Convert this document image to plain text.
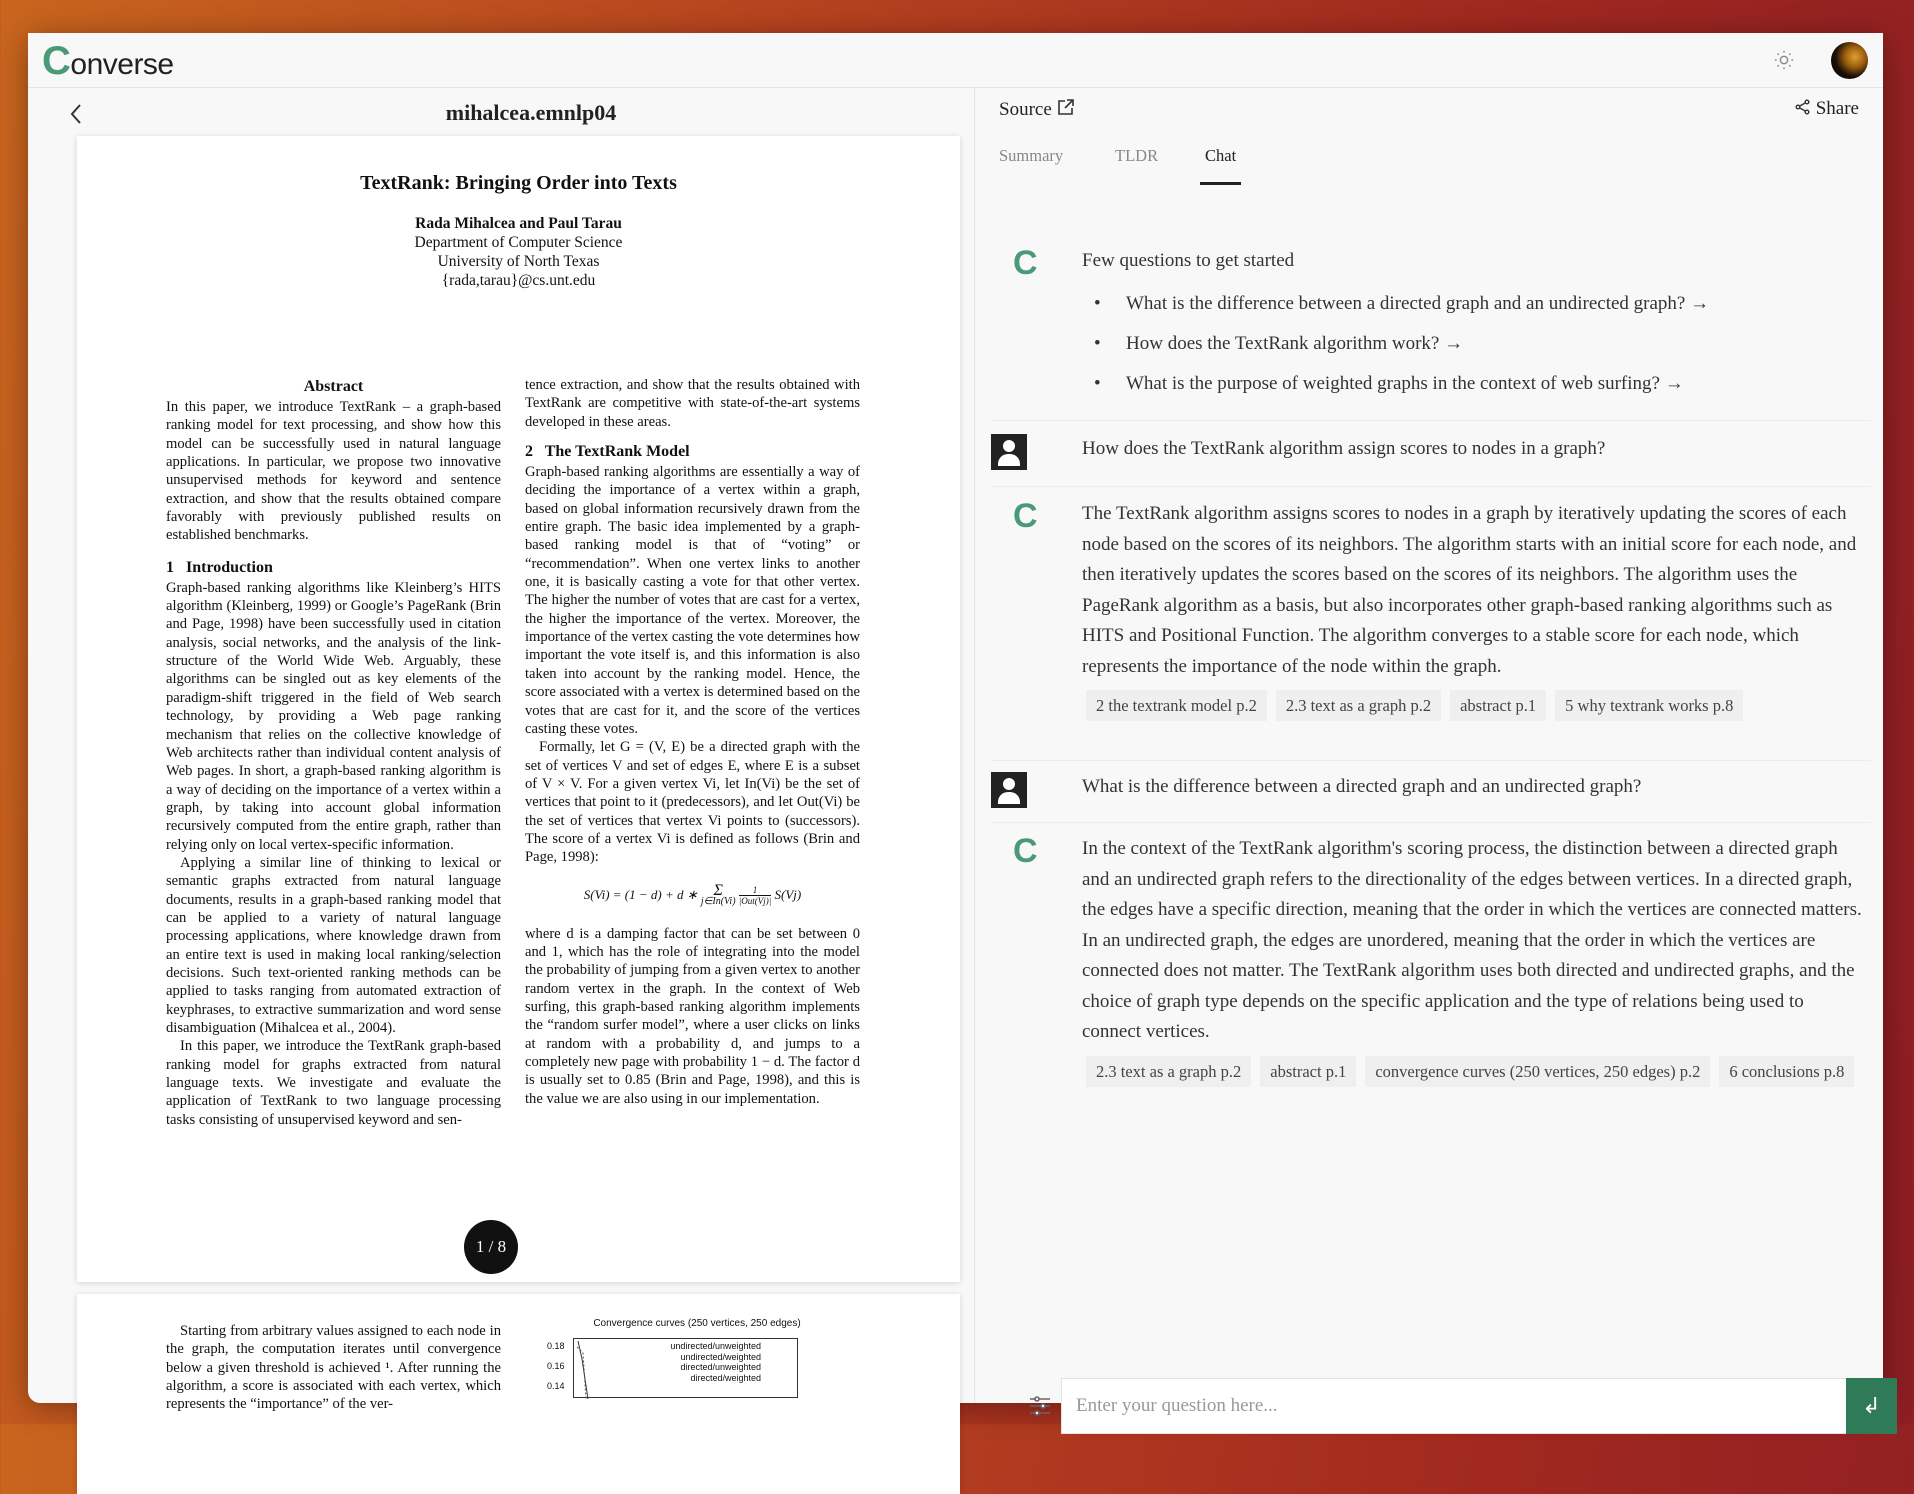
Converse
mihalcea.emnlp04
TextRank: Bringing Order into Texts
Rada Mihalcea and Paul Tarau
Department of Computer Science
University of North Texas
{rada,tarau}@cs.unt.edu
Abstract

In this paper, we introduce TextRank – a graph-based ranking model for text processing, and show how this model can be successfully used in natural language applications. In particular, we propose two innovative unsupervised methods for keyword and sentence extraction, and show that the results obtained compare favorably with previously published results on established benchmarks.

1   Introduction

Graph-based ranking algorithms like Kleinberg’s HITS algorithm (Kleinberg, 1999) or Google’s PageRank (Brin and Page, 1998) have been successfully used in citation analysis, social networks, and the analysis of the link-structure of the World Wide Web. Arguably, these algorithms can be singled out as key elements of the paradigm-shift triggered in the field of Web search technology, by providing a Web page ranking mechanism that relies on the collective knowledge of Web architects rather than individual content analysis of Web pages. In short, a graph-based ranking algorithm is a way of deciding on the importance of a vertex within a graph, by taking into account global information recursively computed from the entire graph, rather than relying only on local vertex-specific information.

Applying a similar line of thinking to lexical or semantic graphs extracted from natural language documents, results in a graph-based ranking model that can be applied to a variety of natural language processing applications, where knowledge drawn from an entire text is used in making local ranking/selection decisions. Such text-oriented ranking methods can be applied to tasks ranging from automated extraction of keyphrases, to extractive summarization and word sense disambiguation (Mihalcea et al., 2004).

In this paper, we introduce the TextRank graph-based ranking model for graphs extracted from natural language texts. We investigate and evaluate the application of TextRank to two language processing tasks consisting of unsupervised keyword and sen-

tence extraction, and show that the results obtained with TextRank are competitive with state-of-the-art systems developed in these areas.

2   The TextRank Model

Graph-based ranking algorithms are essentially a way of deciding the importance of a vertex within a graph, based on global information recursively drawn from the entire graph. The basic idea implemented by a graph-based ranking model is that of “voting” or “recommendation”. When one vertex links to another one, it is basically casting a vote for that other vertex. The higher the number of votes that are cast for a vertex, the higher the importance of the vertex. Moreover, the importance of the vertex casting the vote determines how important the vote itself is, and this information is also taken into account by the ranking model. Hence, the score associated with a vertex is determined based on the votes that are cast for it, and the score of the vertices casting these votes.

Formally, let G = (V, E) be a directed graph with the set of vertices V and set of edges E, where E is a subset of V × V. For a given vertex Vi, let In(Vi) be the set of vertices that point to it (predecessors), and let Out(Vi) be the set of vertices that vertex Vi points to (successors). The score of a vertex Vi is defined as follows (Brin and Page, 1998):

S(Vi) = (1 − d) + d ∗ Σ
j∈In(Vi) $\frac{1}{\text{|Out(Vj)|}} S(Vj)$

where d is a damping factor that can be set between 0 and 1, which has the role of integrating into the model the probability of jumping from a given vertex to another random vertex in the graph. In the context of Web surfing, this graph-based ranking algorithm implements the “random surfer model”, where a user clicks on links at random with a probability d, and jumps to a completely new page with probability 1 − d. The factor d is usually set to 0.85 (Brin and Page, 1998), and this is the value we are also using in our implementation.

Starting from arbitrary values assigned to each node in the graph, the computation iterates until convergence below a given threshold is achieved ¹. After running the algorithm, a score is associated with each vertex, which represents the “importance” of the ver-

Convergence curves (250 vertices, 250 edges)
0.18
0.16
0.14
undirected/unweighted
undirected/weighted
directed/unweighted
directed/weighted
1 / 8
Source	Share
Summary	TLDR	Chat
C Few questions to get started
• What is the difference between a directed graph and an undirected graph? →
• How does the TextRank algorithm work? →
• What is the purpose of weighted graphs in the context of web surfing? →
How does the TextRank algorithm assign scores to nodes in a graph?
C The TextRank algorithm assigns scores to nodes in a graph by iteratively updating the scores of each node based on the scores of its neighbors. The algorithm starts with an initial score for each node, and then iteratively updates the scores based on the scores of its neighbors. The algorithm uses the PageRank algorithm as a basis, but also incorporates other graph-based ranking algorithms such as HITS and Positional Function. The algorithm converges to a stable score for each node, which represents the importance of the node within the graph.
2 the textrank model p.2	2.3 text as a graph p.2	abstract p.1	5 why textrank works p.8
What is the difference between a directed graph and an undirected graph?
C In the context of the TextRank algorithm's scoring process, the distinction between a directed graph and an undirected graph refers to the directionality of the edges between vertices. In a directed graph, the edges have a specific direction, meaning that the order in which the vertices are connected matters. In an undirected graph, the edges are unordered, meaning that the order in which the vertices are connected does not matter. The TextRank algorithm uses both directed and undirected graphs, and the choice of graph type depends on the specific application and the type of relations being used to connect vertices.
2.3 text as a graph p.2	abstract p.1	convergence curves (250 vertices, 250 edges) p.2	6 conclusions p.8
Enter your question here...
↲
